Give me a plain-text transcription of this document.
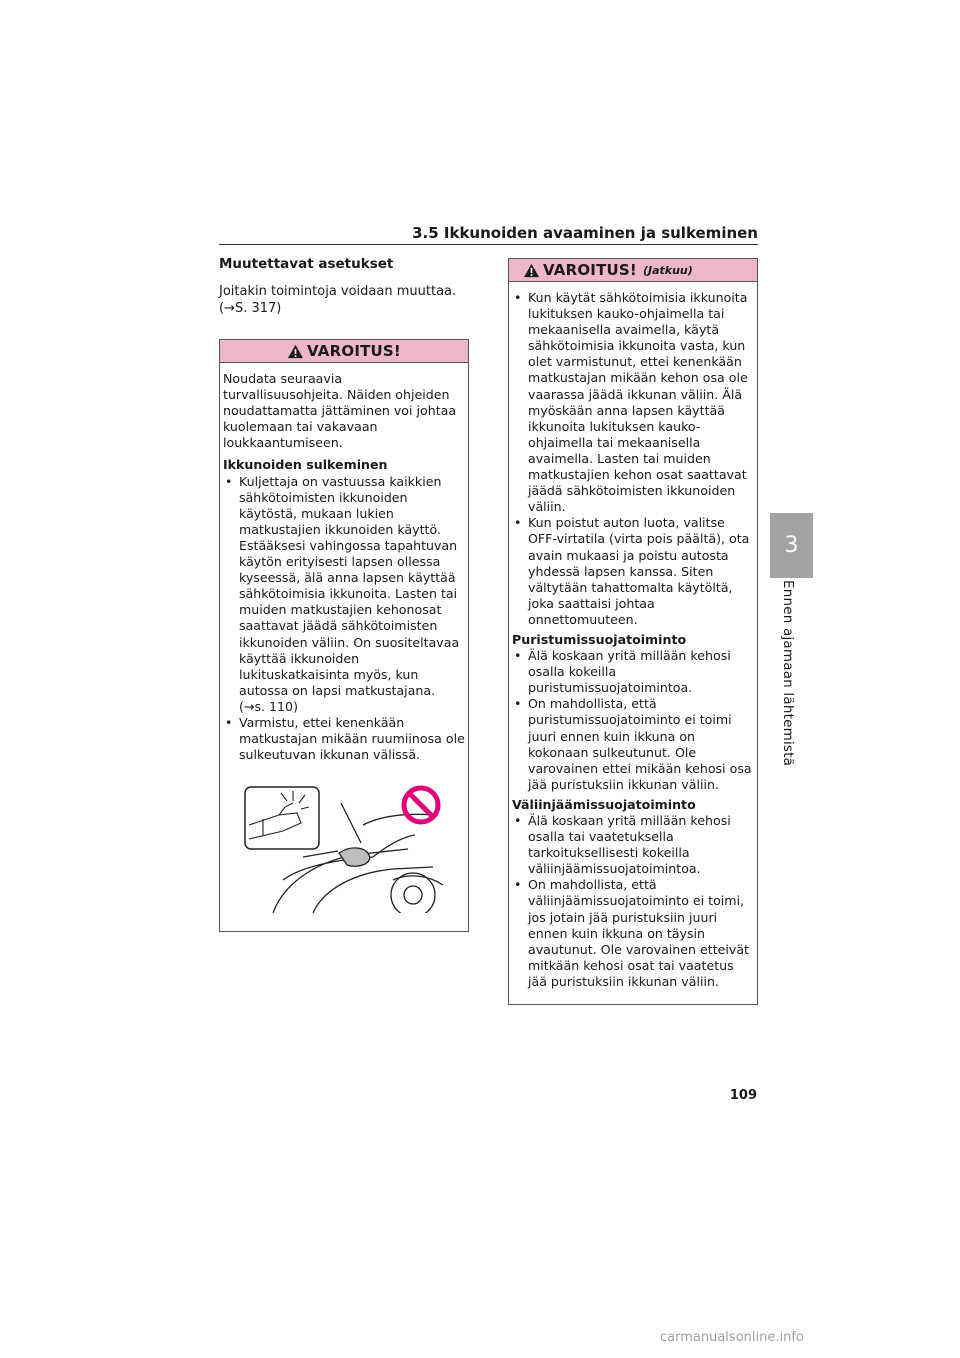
3.5 Ikkunoiden avaaminen ja sulkeminen
Muutettavat asetukset

Joitakin toimintoja voidaan muuttaa. (→S. 317)

VAROITUS!

Noudata seuraavia turvallisuusohjeita. Näiden ohjeiden noudattamatta jättäminen voi johtaa kuolemaan tai vakavaan loukkaantumiseen.

Ikkunoiden sulkeminen
• Kuljettaja on vastuussa kaikkien sähkötoimisten ikkunoiden käytöstä, mukaan lukien matkustajien ikkunoiden käyttö. Estääksesi vahingossa tapahtuvan käytön erityisesti lapsen ollessa kyseessä, älä anna lapsen käyttää sähkötoimisia ikkunoita. Lasten tai muiden matkustajien kehonosat saattavat jäädä sähkötoimisten ikkunoiden väliin. On suositeltavaa käyttää ikkunoiden lukituskatkaisinta myös, kun autossa on lapsi matkustajana. (→s. 110)
• Varmistu, ettei kenenkään matkustajan mikään ruumiinosa ole sulkeutuvan ikkunan välissä.
VAROITUS! (Jatkuu)
• Kun käytät sähkötoimisia ikkunoita lukituksen kauko-ohjaimella tai mekaanisella avaimella, käytä sähkötoimisia ikkunoita vasta, kun olet varmistunut, ettei kenenkään matkustajan mikään kehon osa ole vaarassa jäädä ikkunan väliin. Älä myöskään anna lapsen käyttää ikkunoita lukituksen kauko-ohjaimella tai mekaanisella avaimella. Lasten tai muiden matkustajien kehon osat saattavat jäädä sähkötoimisten ikkunoiden väliin.
• Kun poistut auton luota, valitse OFF-virtatila (virta pois päältä), ota avain mukaasi ja poistu autosta yhdessä lapsen kanssa. Siten vältytään tahattomalta käytöltä, joka saattaisi johtaa onnettomuuteen.
Puristumissuojatoiminto
• Älä koskaan yritä millään kehosi osalla kokeilla puristumissuojatoimintoa.
• On mahdollista, että puristumissuojatoiminto ei toimi juuri ennen kuin ikkuna on kokonaan sulkeutunut. Ole varovainen ettei mikään kehosi osa jää puristuksiin ikkunan väliin.
Väliinjäämissuojatoiminto
• Älä koskaan yritä millään kehosi osalla tai vaatetuksella tarkoituksellisesti kokeilla väliinjäämissuojatoimintoa.
• On mahdollista, että väliinjäämissuojatoiminto ei toimi, jos jotain jää puristuksiin juuri ennen kuin ikkuna on täysin avautunut. Ole varovainen etteivät mitkään kehosi osat tai vaatetus jää puristuksiin ikkunan väliin.
3
Ennen ajamaan lähtemistä
109
carmanualsonline.info
